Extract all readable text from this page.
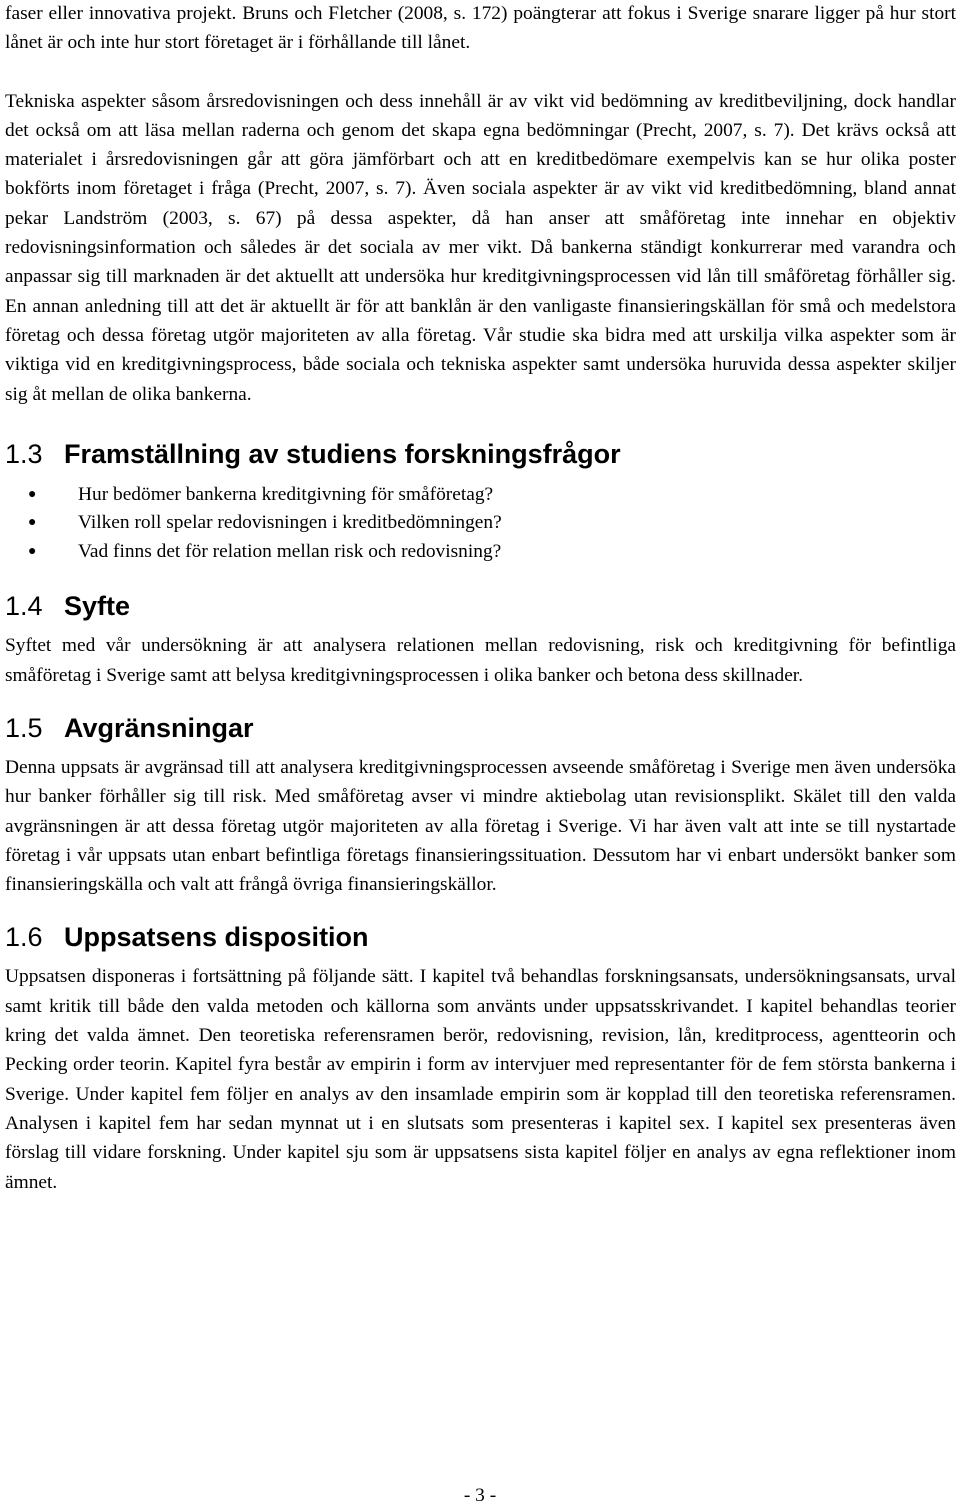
faser eller innovativa projekt. Bruns och Fletcher (2008, s. 172) poängterar att fokus i Sverige snarare ligger på hur stort lånet är och inte hur stort företaget är i förhållande till lånet.

Tekniska aspekter såsom årsredovisningen och dess innehåll är av vikt vid bedömning av kreditbeviljning, dock handlar det också om att läsa mellan raderna och genom det skapa egna bedömningar (Precht, 2007, s. 7). Det krävs också att materialet i årsredovisningen går att göra jämförbart och att en kreditbedömare exempelvis kan se hur olika poster bokförts inom företaget i fråga (Precht, 2007, s. 7). Även sociala aspekter är av vikt vid kreditbedömning, bland annat pekar Landström (2003, s. 67) på dessa aspekter, då han anser att småföretag inte innehar en objektiv redovisningsinformation och således är det sociala av mer vikt. Då bankerna ständigt konkurrerar med varandra och anpassar sig till marknaden är det aktuellt att undersöka hur kreditgivningsprocessen vid lån till småföretag förhåller sig. En annan anledning till att det är aktuellt är för att banklån är den vanligaste finansieringskällan för små och medelstora företag och dessa företag utgör majoriteten av alla företag. Vår studie ska bidra med att urskilja vilka aspekter som är viktiga vid en kreditgivningsprocess, både sociala och tekniska aspekter samt undersöka huruvida dessa aspekter skiljer sig åt mellan de olika bankerna.

1.3 Framställning av studiens forskningsfrågor
● Hur bedömer bankerna kreditgivning för småföretag?
● Vilken roll spelar redovisningen i kreditbedömningen?
● Vad finns det för relation mellan risk och redovisning?
1.4 Syfte

Syftet med vår undersökning är att analysera relationen mellan redovisning, risk och kreditgivning för befintliga småföretag i Sverige samt att belysa kreditgivningsprocessen i olika banker och betona dess skillnader.

1.5 Avgränsningar

Denna uppsats är avgränsad till att analysera kreditgivningsprocessen avseende småföretag i Sverige men även undersöka hur banker förhåller sig till risk. Med småföretag avser vi mindre aktiebolag utan revisionsplikt. Skälet till den valda avgränsningen är att dessa företag utgör majoriteten av alla företag i Sverige. Vi har även valt att inte se till nystartade företag i vår uppsats utan enbart befintliga företags finansieringssituation. Dessutom har vi enbart undersökt banker som finansieringskälla och valt att frångå övriga finansieringskällor.

1.6 Uppsatsens disposition

Uppsatsen disponeras i fortsättning på följande sätt. I kapitel två behandlas forskningsansats, undersökningsansats, urval samt kritik till både den valda metoden och källorna som använts under uppsatsskrivandet. I kapitel behandlas teorier kring det valda ämnet. Den teoretiska referensramen berör, redovisning, revision, lån, kreditprocess, agentteorin och Pecking order teorin. Kapitel fyra består av empirin i form av intervjuer med representanter för de fem största bankerna i Sverige. Under kapitel fem följer en analys av den insamlade empirin som är kopplad till den teoretiska referensramen. Analysen i kapitel fem har sedan mynnat ut i en slutsats som presenteras i kapitel sex. I kapitel sex presenteras även förslag till vidare forskning. Under kapitel sju som är uppsatsens sista kapitel följer en analys av egna reflektioner inom ämnet.

- 3 -
